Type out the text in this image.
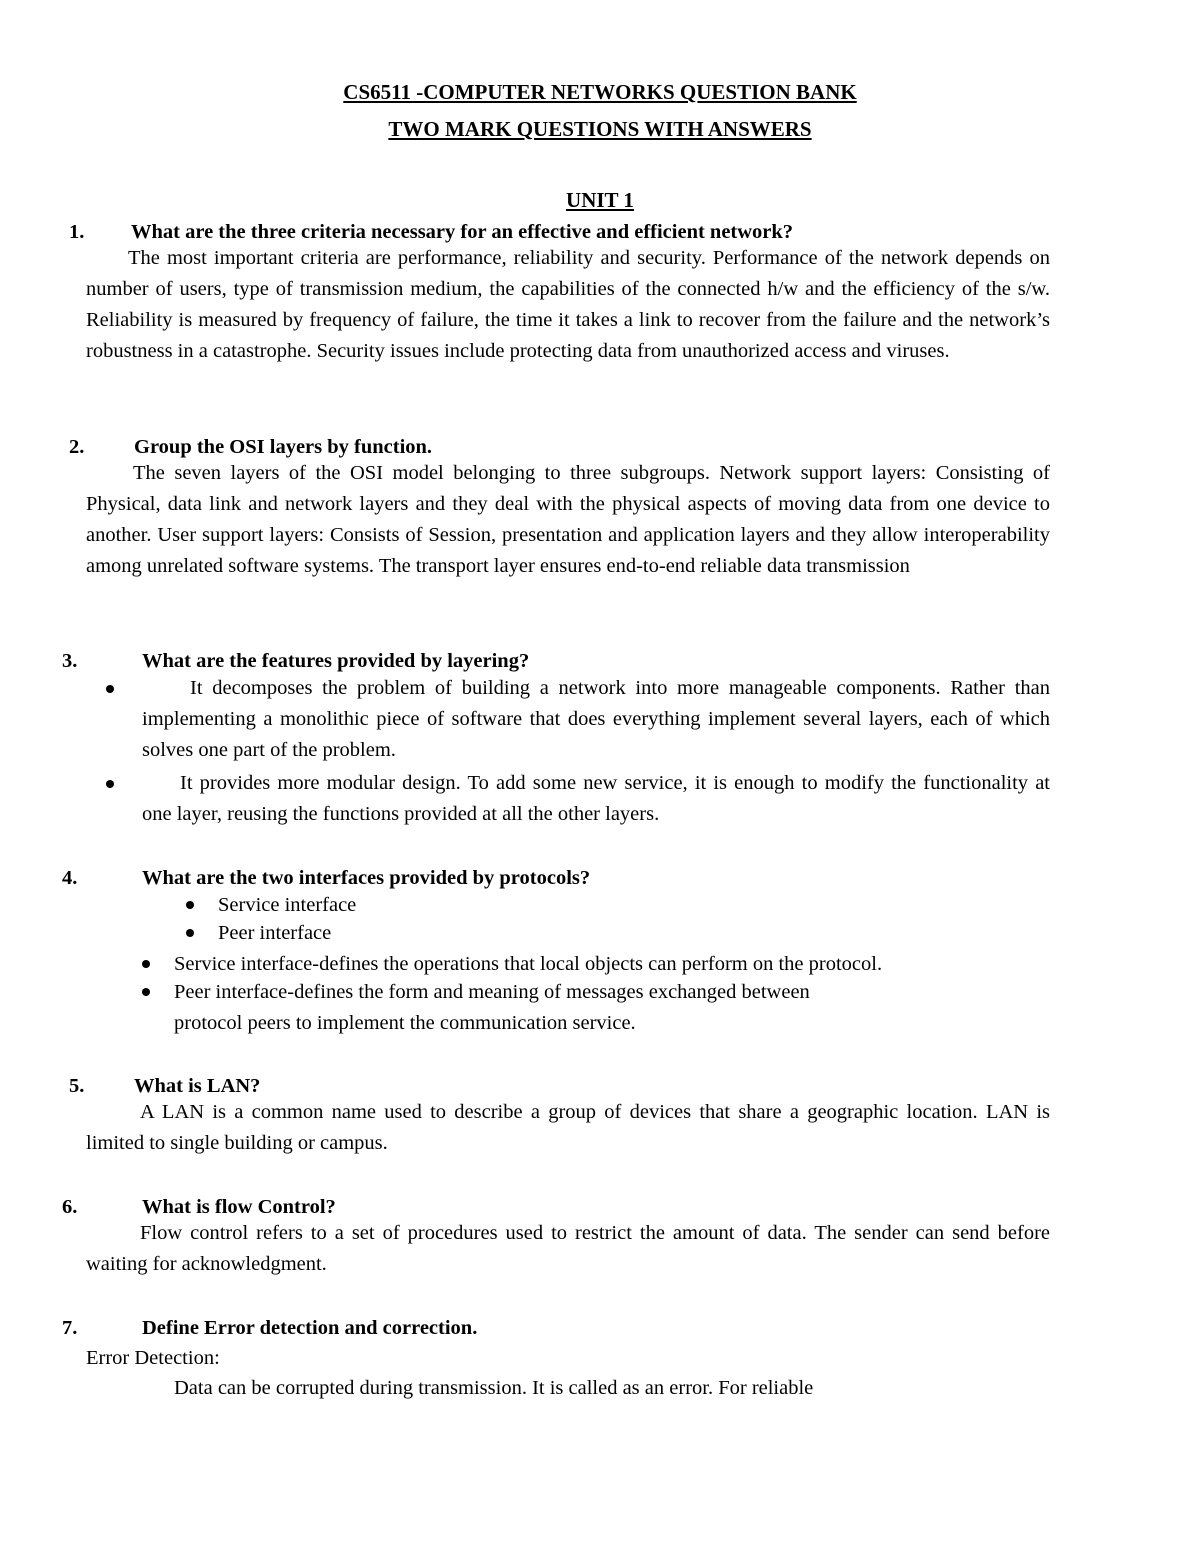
CS6511 -COMPUTER NETWORKS QUESTION BANK
TWO MARK QUESTIONS WITH ANSWERS
UNIT 1
1. What are the three criteria necessary for an effective and efficient network?
The most important criteria are performance, reliability and security. Performance of the network depends on number of users, type of transmission medium, the capabilities of the connected h/w and the efficiency of the s/w. Reliability is measured by frequency of failure, the time it takes a link to recover from the failure and the network’s robustness in a catastrophe. Security issues include protecting data from unauthorized access and viruses.
2. Group the OSI layers by function.
The seven layers of the OSI model belonging to three subgroups. Network support layers: Consisting of Physical, data link and network layers and they deal with the physical aspects of moving data from one device to another. User support layers: Consists of Session, presentation and application layers and they allow interoperability among unrelated software systems. The transport layer ensures end-to-end reliable data transmission
3.	What are the features provided by layering?
It decomposes the problem of building a network into more manageable components. Rather than implementing a monolithic piece of software that does everything implement several layers, each of which solves one part of the problem.
It provides more modular design. To add some new service, it is enough to modify the functionality at one layer, reusing the functions provided at all the other layers.
4.	What are the two interfaces provided by protocols?
Service interface
Peer interface
Service interface-defines the operations that local objects can perform on the protocol.
Peer interface-defines the form and meaning of messages exchanged between
protocol peers to implement the communication service.
5. What is LAN?
A LAN is a common name used to describe a group of devices that share a geographic location. LAN is limited to single building or campus.
6.	What is flow Control?
Flow control refers to a set of procedures used to restrict the amount of data. The sender can send before waiting for acknowledgment.
7.	Define Error detection and correction.
Error Detection:
Data can be corrupted during transmission. It is called as an error. For reliable
